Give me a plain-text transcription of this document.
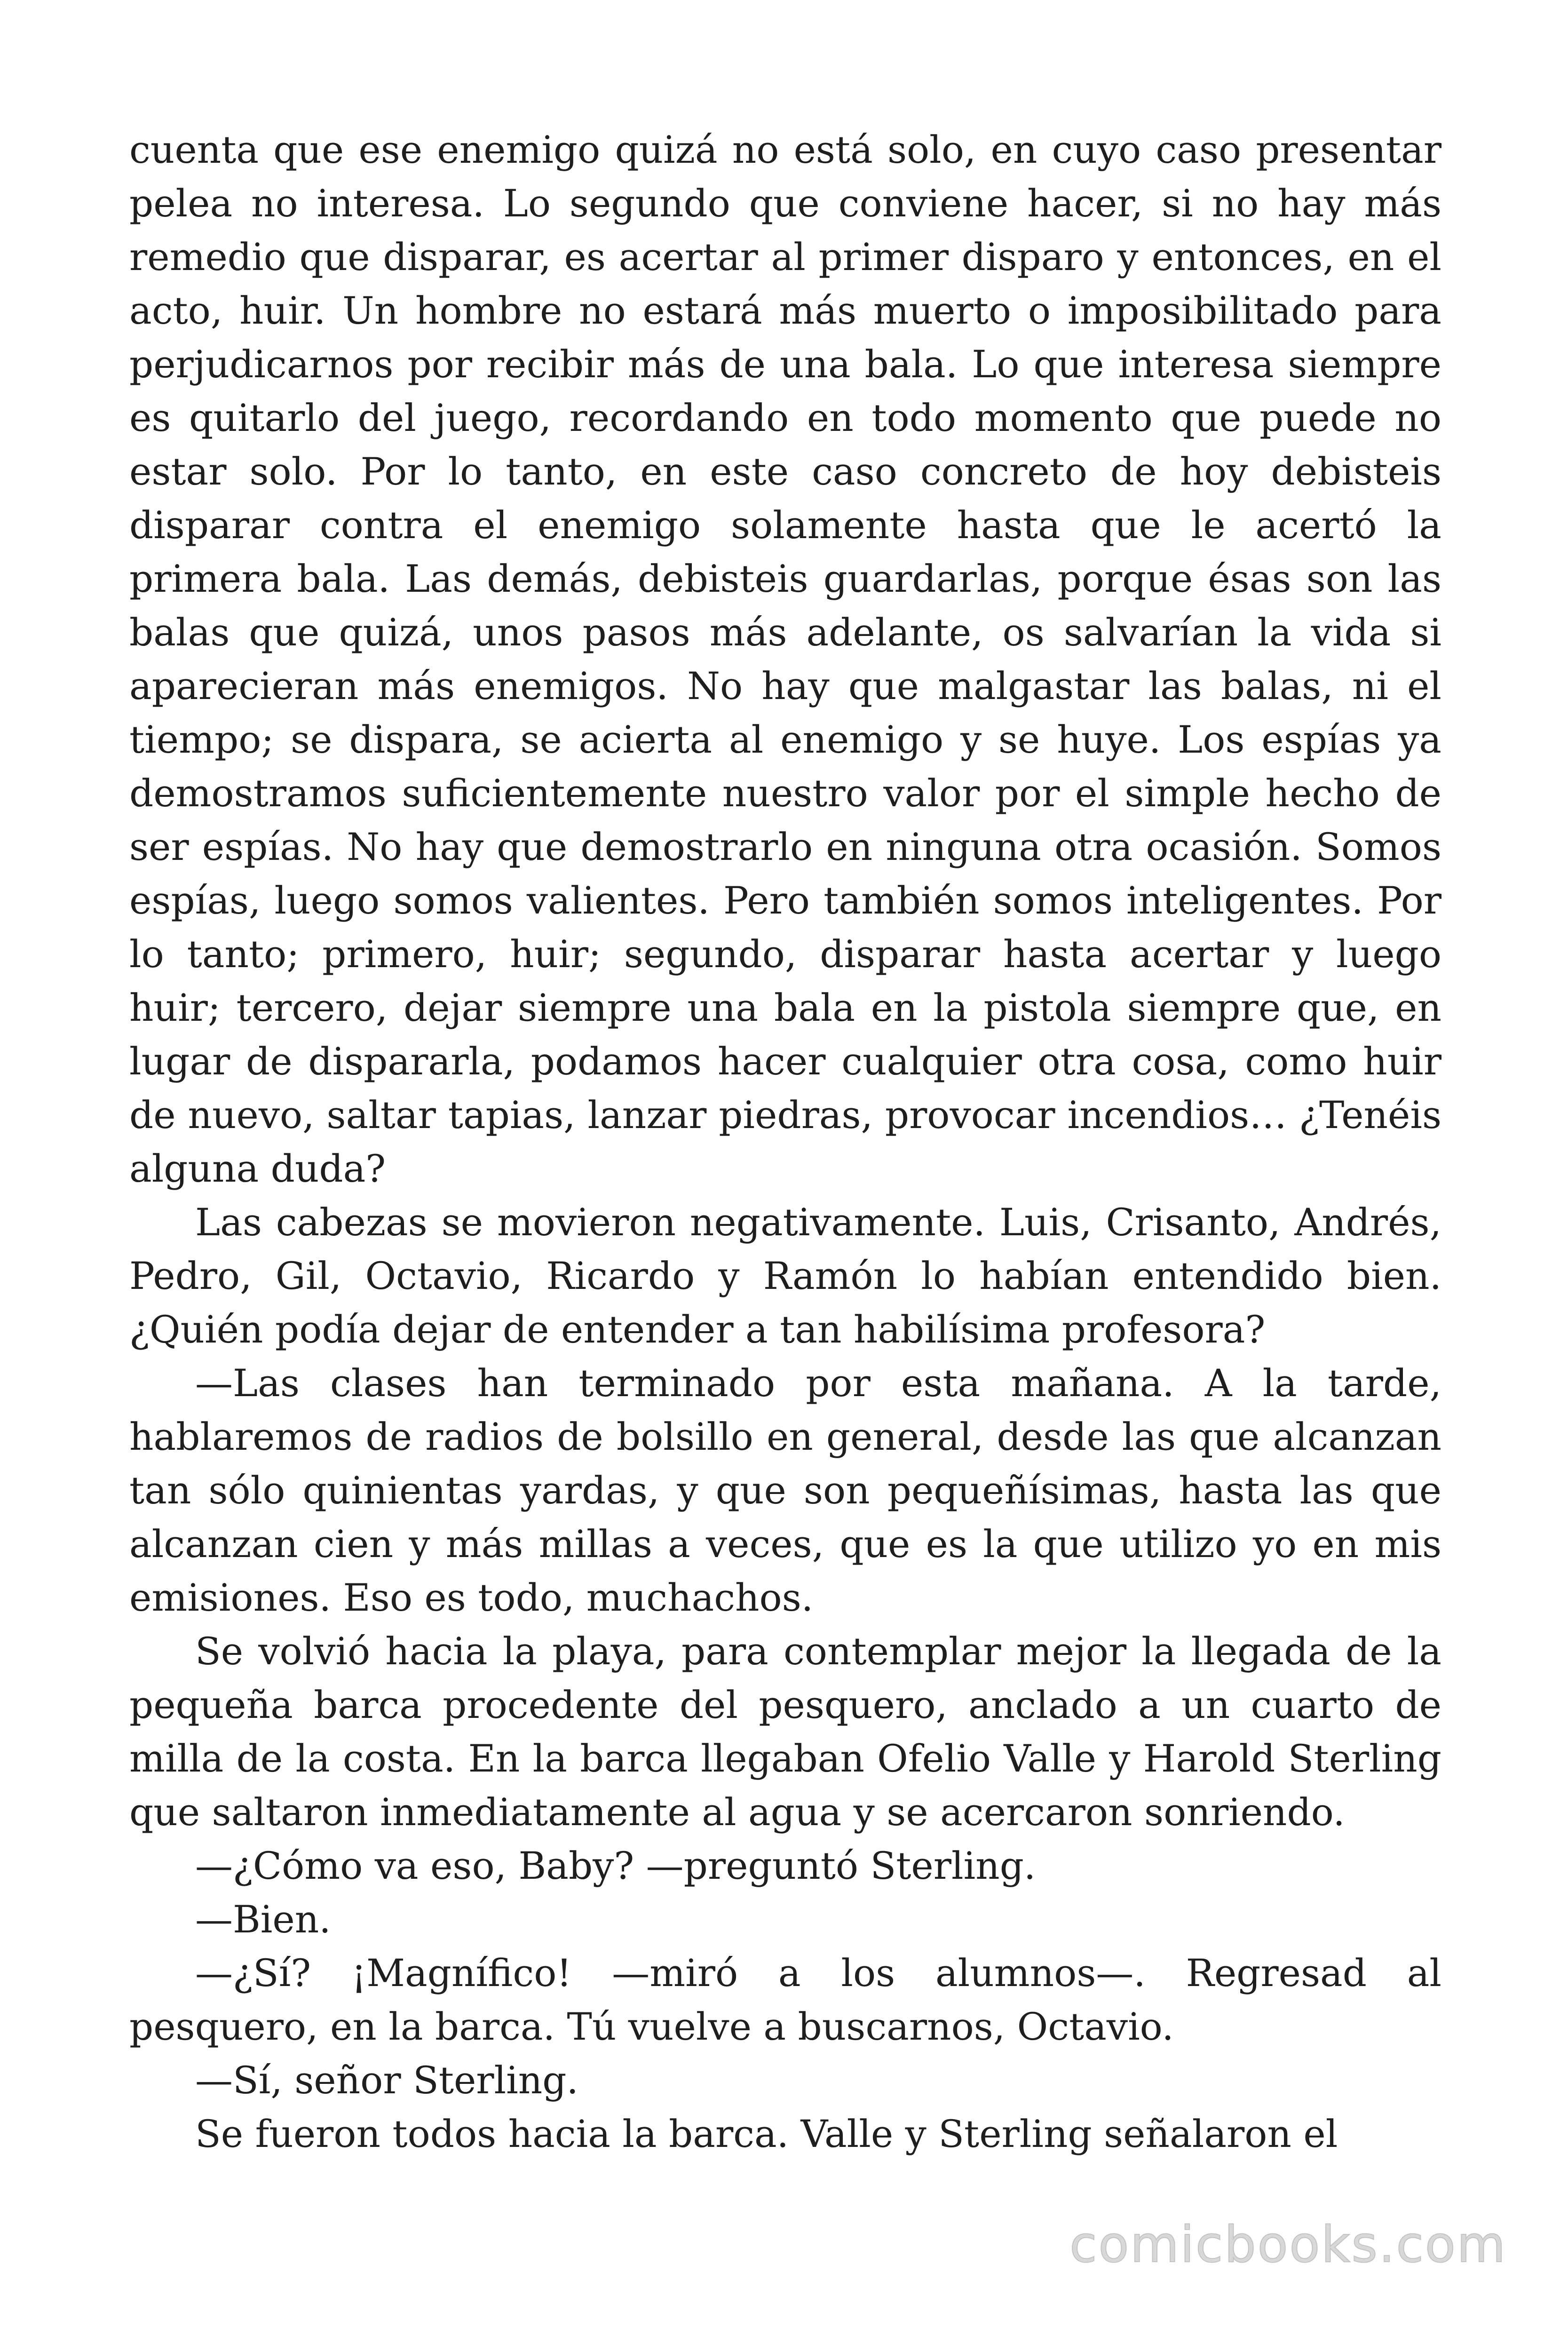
cuenta que ese enemigo quizá no está solo, en cuyo caso presentar pelea no interesa. Lo segundo que conviene hacer, si no hay más remedio que disparar, es acertar al primer disparo y entonces, en el acto, huir. Un hombre no estará más muerto o imposibilitado para perjudicarnos por recibir más de una bala. Lo que interesa siempre es quitarlo del juego, recordando en todo momento que puede no estar solo. Por lo tanto, en este caso concreto de hoy debisteis disparar contra el enemigo solamente hasta que le acertó la primera bala. Las demás, debisteis guardarlas, porque ésas son las balas que quizá, unos pasos más adelante, os salvarían la vida si aparecieran más enemigos. No hay que malgastar las balas, ni el tiempo; se dispara, se acierta al enemigo y se huye. Los espías ya demostramos suficientemente nuestro valor por el simple hecho de ser espías. No hay que demostrarlo en ninguna otra ocasión. Somos espías, luego somos valientes. Pero también somos inteligentes. Por lo tanto; primero, huir; segundo, disparar hasta acertar y luego huir; tercero, dejar siempre una bala en la pistola siempre que, en lugar de dispararla, podamos hacer cualquier otra cosa, como huir de nuevo, saltar tapias, lanzar piedras, provocar incendios… ¿Tenéis alguna duda?

Las cabezas se movieron negativamente. Luis, Crisanto, Andrés, Pedro, Gil, Octavio, Ricardo y Ramón lo habían entendido bien. ¿Quién podía dejar de entender a tan habilísima profesora?

—Las clases han terminado por esta mañana. A la tarde, hablaremos de radios de bolsillo en general, desde las que alcanzan tan sólo quinientas yardas, y que son pequeñísimas, hasta las que alcanzan cien y más millas a veces, que es la que utilizo yo en mis emisiones. Eso es todo, muchachos.

Se volvió hacia la playa, para contemplar mejor la llegada de la pequeña barca procedente del pesquero, anclado a un cuarto de milla de la costa. En la barca llegaban Ofelio Valle y Harold Sterling que saltaron inmediatamente al agua y se acercaron sonriendo.

—¿Cómo va eso, Baby? —preguntó Sterling.

—Bien.

—¿Sí? ¡Magnífico! —miró a los alumnos—. Regresad al pesquero, en la barca. Tú vuelve a buscarnos, Octavio.

—Sí, señor Sterling.

Se fueron todos hacia la barca. Valle y Sterling señalaron el

comicbooks.com
